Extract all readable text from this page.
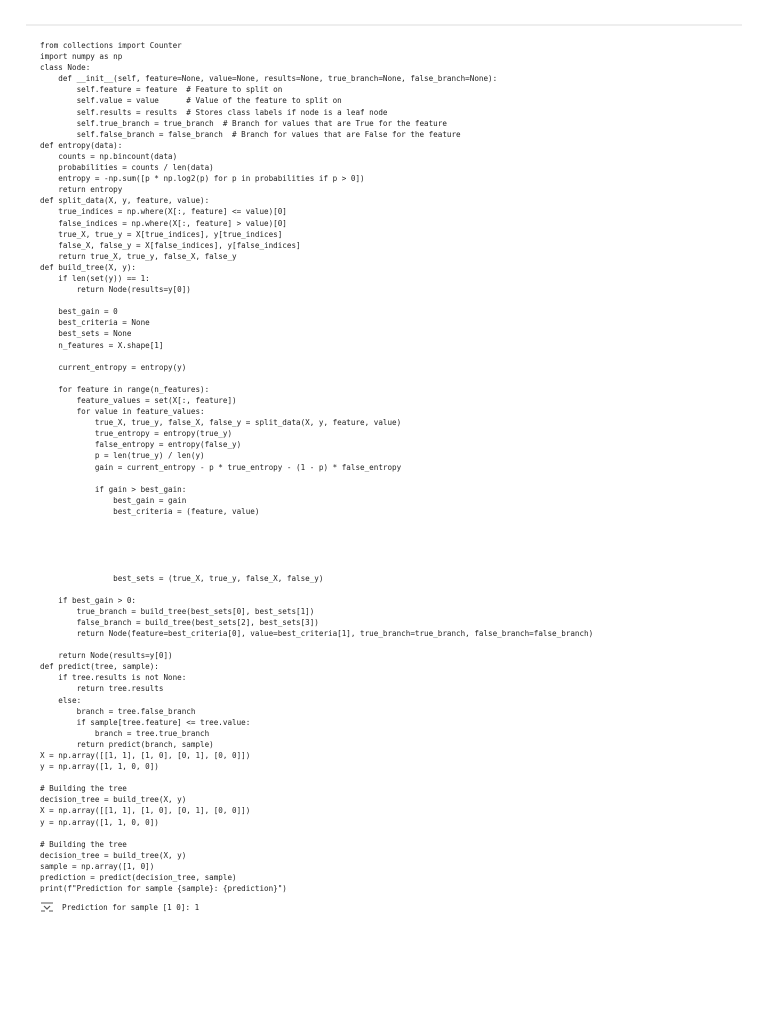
from collections import Counter
import numpy as np
class Node:
def __init__(self, feature=None, value=None, results=None, true_branch=None, false_branch=None):
self.feature = feature  # Feature to split on
self.value = value      # Value of the feature to split on
self.results = results  # Stores class labels if node is a leaf node
self.true_branch = true_branch  # Branch for values that are True for the feature
self.false_branch = false_branch  # Branch for values that are False for the feature
def entropy(data):
counts = np.bincount(data)
probabilities = counts / len(data)
entropy = -np.sum([p * np.log2(p) for p in probabilities if p > 0])
return entropy
def split_data(X, y, feature, value):
true_indices = np.where(X[:, feature] <= value)[0]
false_indices = np.where(X[:, feature] > value)[0]
true_X, true_y = X[true_indices], y[true_indices]
false_X, false_y = X[false_indices], y[false_indices]
return true_X, true_y, false_X, false_y
def build_tree(X, y):
if len(set(y)) == 1:
return Node(results=y[0])
best_gain = 0
best_criteria = None
best_sets = None
n_features = X.shape[1]
current_entropy = entropy(y)
for feature in range(n_features):
feature_values = set(X[:, feature])
for value in feature_values:
true_X, true_y, false_X, false_y = split_data(X, y, feature, value)
true_entropy = entropy(true_y)
false_entropy = entropy(false_y)
p = len(true_y) / len(y)
gain = current_entropy - p * true_entropy - (1 - p) * false_entropy
if gain > best_gain:
best_gain = gain
best_criteria = (feature, value)
best_sets = (true_X, true_y, false_X, false_y)
if best_gain > 0:
true_branch = build_tree(best_sets[0], best_sets[1])
false_branch = build_tree(best_sets[2], best_sets[3])
return Node(feature=best_criteria[0], value=best_criteria[1], true_branch=true_branch, false_branch=false_branch)
return Node(results=y[0])
def predict(tree, sample):
if tree.results is not None:
return tree.results
else:
branch = tree.false_branch
if sample[tree.feature] <= tree.value:
branch = tree.true_branch
return predict(branch, sample)
X = np.array([[1, 1], [1, 0], [0, 1], [0, 0]])
y = np.array([1, 1, 0, 0])
# Building the tree
decision_tree = build_tree(X, y)
X = np.array([[1, 1], [1, 0], [0, 1], [0, 0]])
y = np.array([1, 1, 0, 0])
# Building the tree
decision_tree = build_tree(X, y)
sample = np.array([1, 0])
prediction = predict(decision_tree, sample)
print(f"Prediction for sample {sample}: {prediction}")
Prediction for sample [1 0]: 1
